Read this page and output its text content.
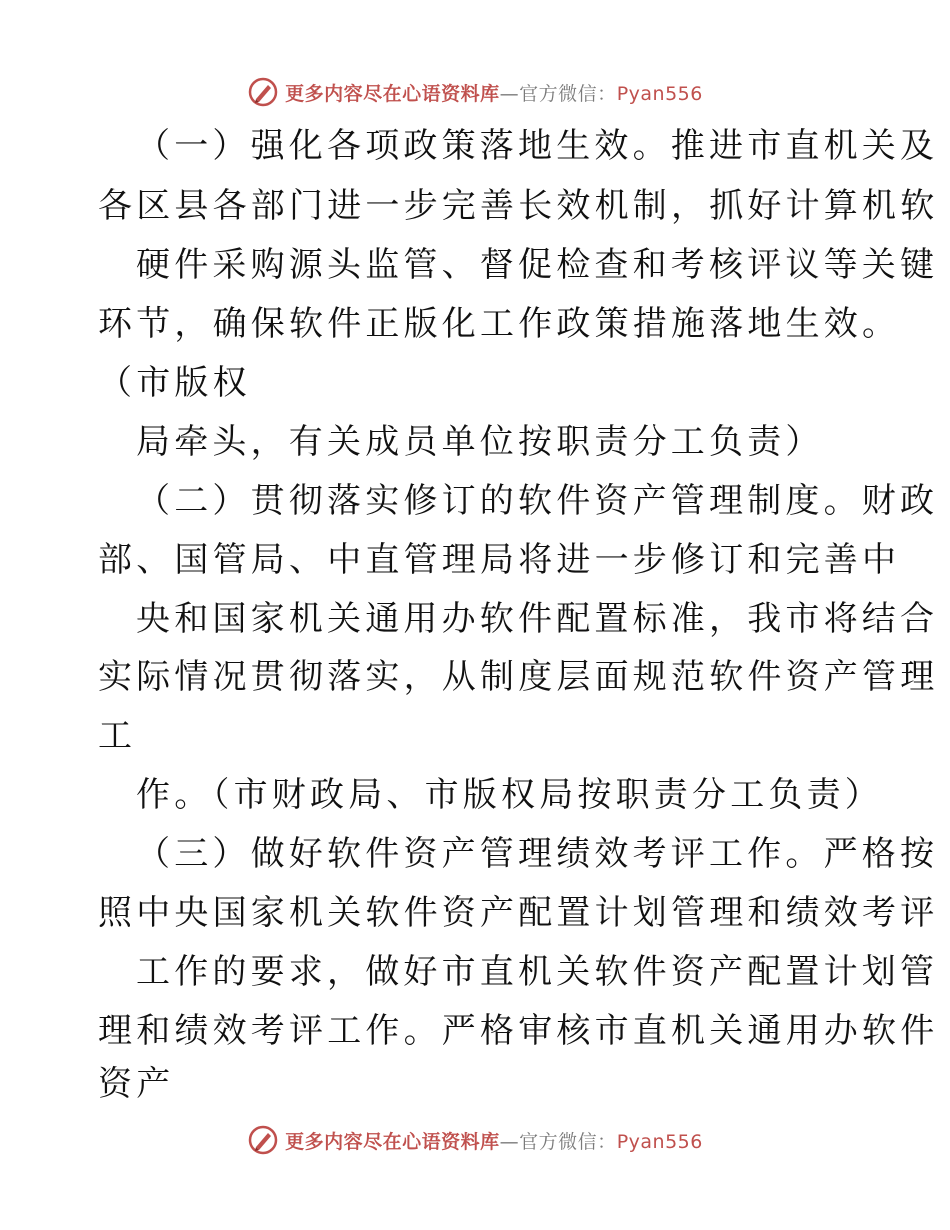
更多内容尽在心语资料库—官方微信：Pyan556
（一）强化各项政策落地生效。推进市直机关及
各区县各部门进一步完善长效机制，抓好计算机软
硬件采购源头监管、督促检查和考核评议等关键
环节，确保软件正版化工作政策措施落地生效。
（市版权
局牵头，有关成员单位按职责分工负责）
（二）贯彻落实修订的软件资产管理制度。财政
部、国管局、中直管理局将进一步修订和完善中
央和国家机关通用办软件配置标准，我市将结合
实际情况贯彻落实，从制度层面规范软件资产管理
工
作。（市财政局、市版权局按职责分工负责）
（三）做好软件资产管理绩效考评工作。严格按
照中央国家机关软件资产配置计划管理和绩效考评
工作的要求，做好市直机关软件资产配置计划管
理和绩效考评工作。严格审核市直机关通用办软件
资产
更多内容尽在心语资料库—官方微信：Pyan556
